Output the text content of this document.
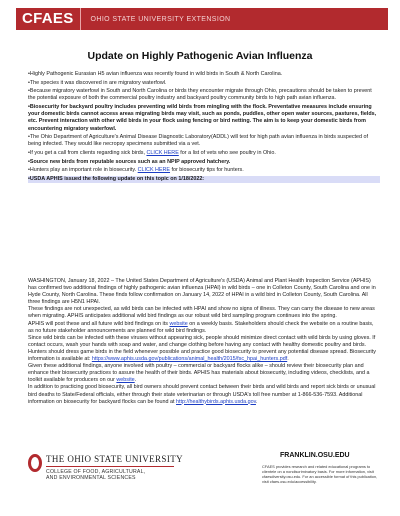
CFAES	OHIO STATE UNIVERSITY EXTENSION
Update on Highly Pathogenic Avian Influenza

•Highly Pathogenic Eurasian H5 avian influenza was recently found in wild birds in South & North Carolina.

•The species it was discovered in are migratory waterfowl.

•Because migratory waterfowl in South and North Carolina or birds they encounter migrate through Ohio, precautions should be taken to prevent the potential exposure of both the commercial poultry industry and backyard poultry community birds to high path avian influenza.

•Biosecurity for backyard poultry includes preventing wild birds from mingling with the flock. Preventative measures include ensuring your domestic birds cannot access areas migrating birds may visit, such as ponds, puddles, other open water sources, pastures, fields, etc. Prevent interaction with other wild birds in your flock using fencing or bird netting. The aim is to keep your domestic birds from encountering migratory waterfowl.

•The Ohio Department of Agriculture's Animal Disease Diagnostic Laboratory(ADDL) will test for high path avian influenza in birds suspected of being infected. They would like necropsy specimens submitted via a vet.

•If you get a call from clients regarding sick birds, CLICK HERE for a list of vets who see poultry in Ohio.

•Source new birds from reputable sources such as an NPIP approved hatchery.

•Hunters play an important role in biosecurity. CLICK HERE for biosecurity tips for hunters.

•USDA APHIS issued the following update on this topic on 1/18/2022:

WASHINGTON, January 18, 2022 – The United States Department of Agriculture's (USDA) Animal and Plant Health Inspection Service (APHIS) has confirmed two additional findings of highly pathogenic avian influenza (HPAI) in wild birds – one in Colleton County, South Carolina and one in Hyde County, North Carolina. These finds follow confirmation on January 14, 2022 of HPAI in a wild bird in Colleton County, South Carolina. All three findings are H5N1 HPAI.

These findings are not unexpected, as wild birds can be infected with HPAI and show no signs of illness. They can carry the disease to new areas when migrating. APHIS anticipates additional wild bird findings as our robust wild bird sampling program continues into the spring.

APHIS will post these and all future wild bird findings on its website on a weekly basis. Stakeholders should check the website on a routine basis, as no future stakeholder announcements are planned for wild bird findings.

Since wild birds can be infected with these viruses without appearing sick, people should minimize direct contact with wild birds by using gloves. If contact occurs, wash your hands with soap and water, and change clothing before having any contact with healthy domestic poultry and birds. Hunters should dress game birds in the field whenever possible and practice good biosecurity to prevent any potential disease spread. Biosecurity information is available at: https://www.aphis.usda.gov/publications/animal_health/2015/fsc_hpai_hunters.pdf.

Given these additional findings, anyone involved with poultry – commercial or backyard flocks alike – should review their biosecurity plan and enhance their biosecurity practices to assure the health of their birds. APHIS has materials about biosecurity, including videos, checklists, and a toolkit available for producers on our website.

In addition to practicing good biosecurity, all bird owners should prevent contact between their birds and wild birds and report sick birds or unusual bird deaths to State/Federal officials, either through their state veterinarian or through USDA's toll free number at 1-866-536-7593. Additional information on biosecurity for backyard flocks can be found at http://healthybirds.aphis.usda.gov.

THE OHIO STATE UNIVERSITY
COLLEGE OF FOOD, AGRICULTURAL,
AND ENVIRONMENTAL SCIENCES
FRANKLIN.OSU.EDU
CFAES provides research and related educational programs to clientele on a nondiscriminatory basis. For more information, visit cfaesdiversity.osu.edu. For an accessible format of this publication, visit cfaes.osu.edu/accessibility.
